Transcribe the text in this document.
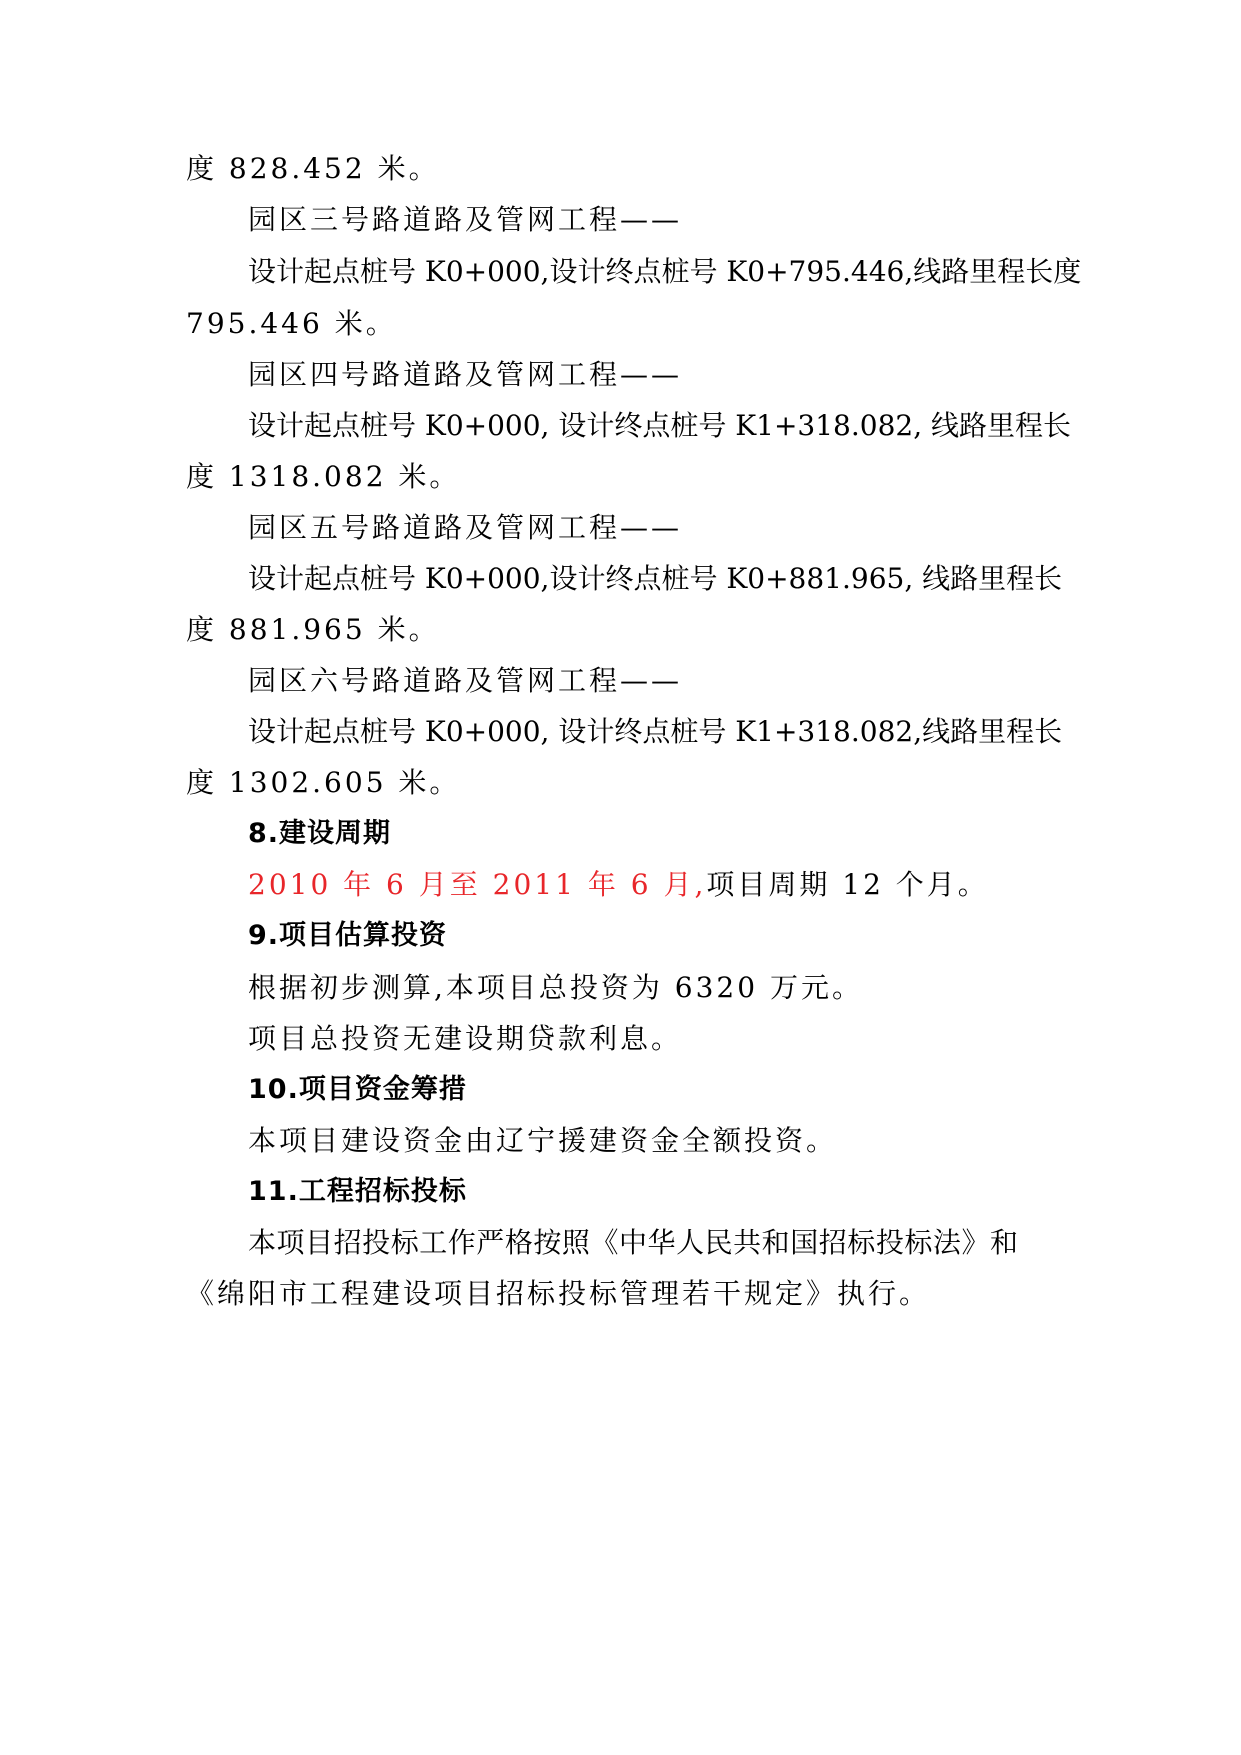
度 828.452 米。
园区三号路道路及管网工程——
设计起点桩号 K0+000,设计终点桩号 K0+795.446,线路里程长度
795.446 米。
园区四号路道路及管网工程——
设计起点桩号 K0+000, 设计终点桩号 K1+318.082, 线路里程长
度 1318.082 米。
园区五号路道路及管网工程——
设计起点桩号 K0+000,设计终点桩号 K0+881.965, 线路里程长
度 881.965 米。
园区六号路道路及管网工程——
设计起点桩号 K0+000, 设计终点桩号 K1+318.082,线路里程长
度 1302.605 米。
8.建设周期
2010 年 6 月至 2011 年 6 月,项目周期 12 个月。
9.项目估算投资
根据初步测算,本项目总投资为 6320 万元。
项目总投资无建设期贷款利息。
10.项目资金筹措
本项目建设资金由辽宁援建资金全额投资。
11.工程招标投标
本项目招投标工作严格按照《中华人民共和国招标投标法》和
《绵阳市工程建设项目招标投标管理若干规定》执行。
